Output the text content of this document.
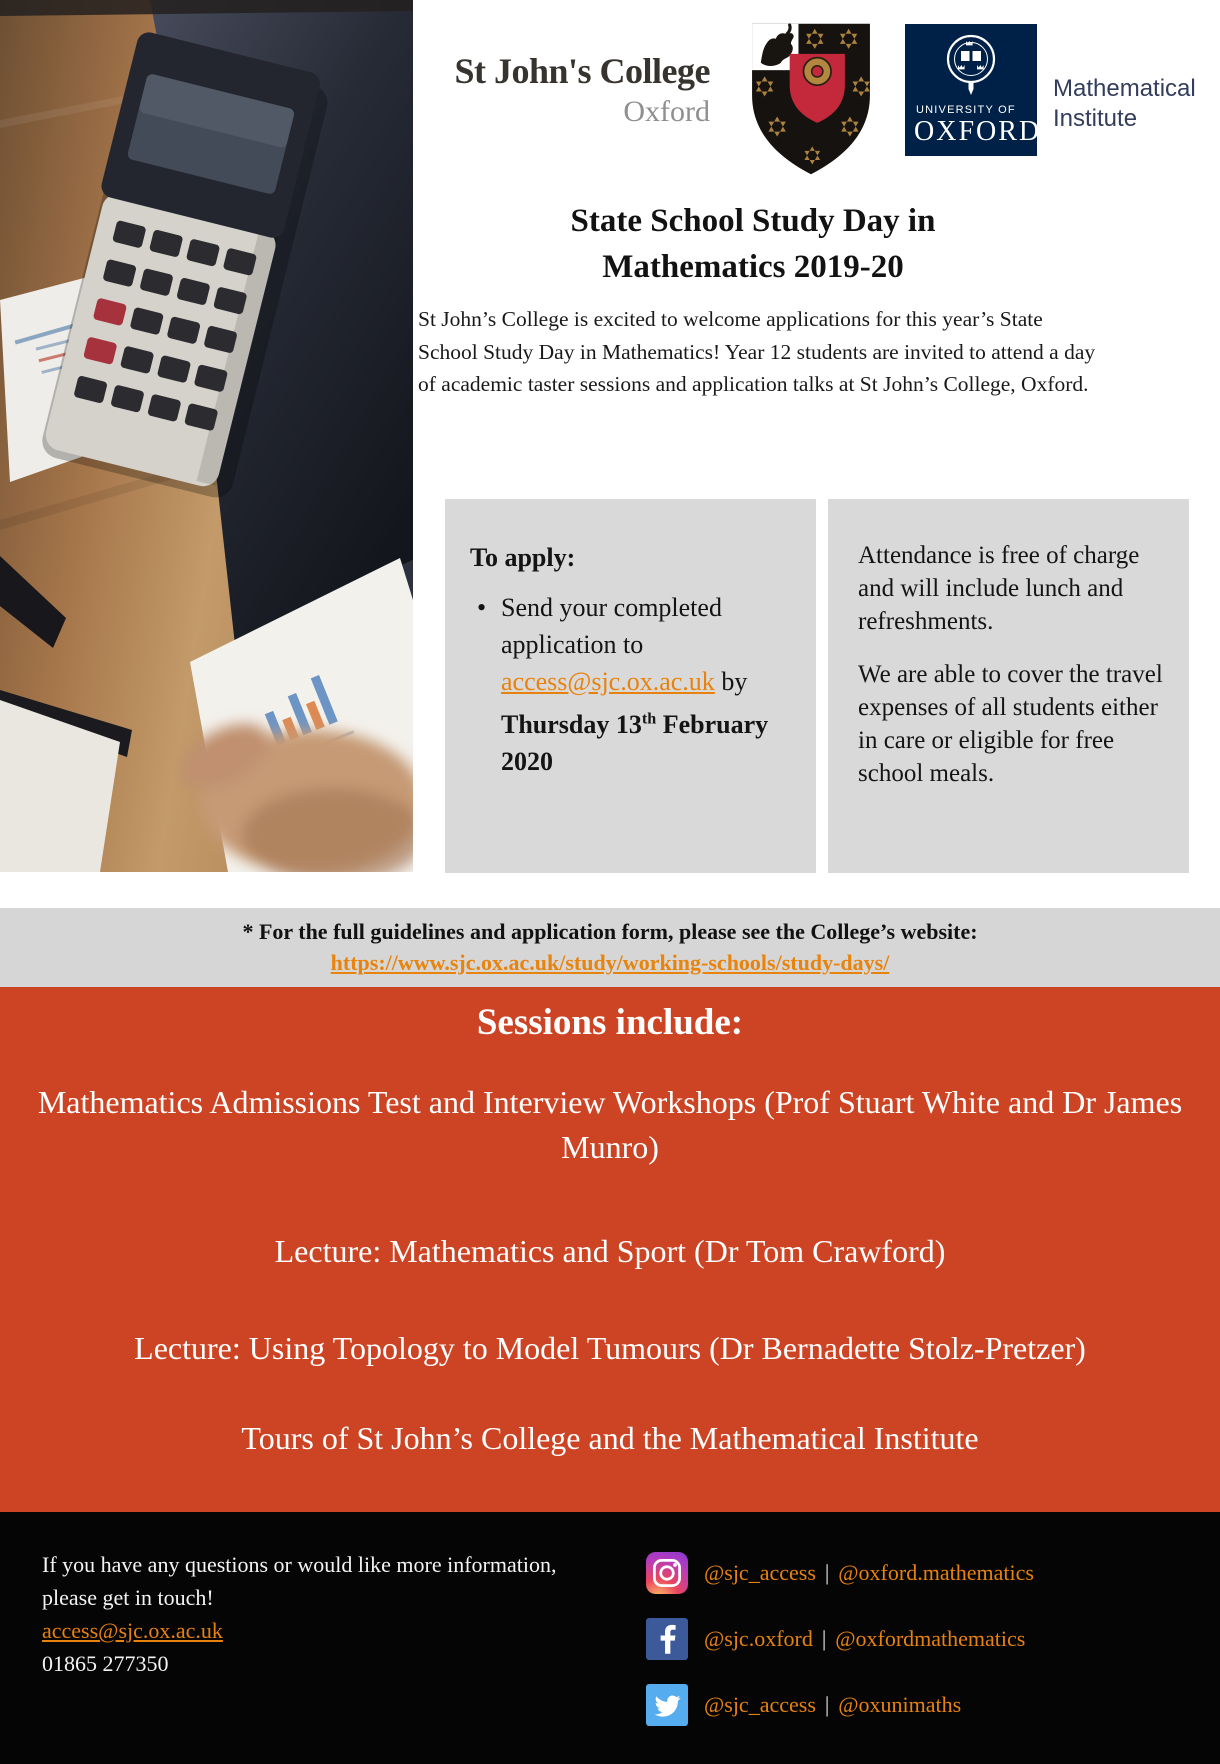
St John's College
Oxford	UNIVERSITY OF
OXFORD
Mathematical
Institute
State School Study Day in
Mathematics 2019-20

St John’s College is excited to welcome applications for this year’s State School Study Day in Mathematics! Year 12 students are invited to attend a day of academic taster sessions and application talks at St John’s College, Oxford.

To apply:
• Send your completed application to access@sjc.ox.ac.uk by Thursday 13th February 2020

Attendance is free of charge and will include lunch and refreshments.

We are able to cover the travel expenses of all students either in care or eligible for free school meals.

* For the full guidelines and application form, please see the College’s website:
https://www.sjc.ox.ac.uk/study/working-schools/study-days/
Sessions include:
Mathematics Admissions Test and Interview Workshops (Prof Stuart White and Dr James Munro)
Lecture: Mathematics and Sport (Dr Tom Crawford)
Lecture: Using Topology to Model Tumours (Dr Bernadette Stolz-Pretzer)
Tours of St John’s College and the Mathematical Institute
If you have any questions or would like more information,
please get in touch!
access@sjc.ox.ac.uk
01865 277350
@sjc_access | @oxford.mathematics
@sjc.oxford | @oxfordmathematics
@sjc_access | @oxunimaths
